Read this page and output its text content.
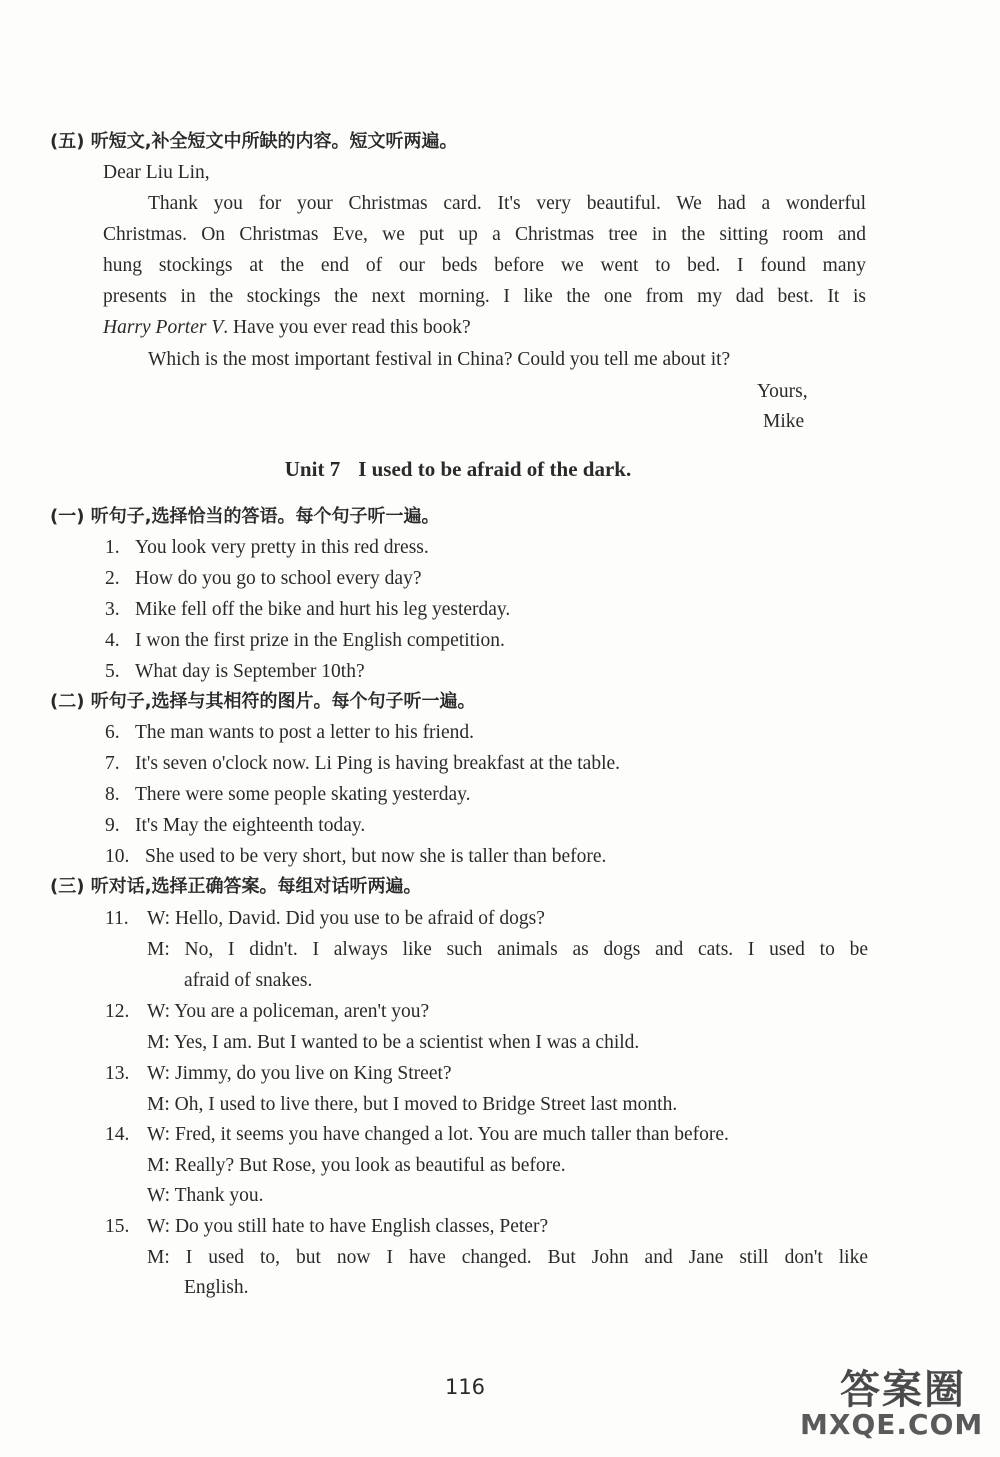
(五) 听短文,补全短文中所缺的内容。短文听两遍。
Dear Liu Lin,
Thank you for your Christmas card. It's very beautiful. We had a wonderful
Christmas. On Christmas Eve, we put up a Christmas tree in the sitting room and
hung stockings at the end of our beds before we went to bed. I found many
presents in the stockings the next morning. I like the one from my dad best. It is
Harry Porter V. Have you ever read this book?
Which is the most important festival in China? Could you tell me about it?
Yours,
Mike
Unit 7 I used to be afraid of the dark.
(一) 听句子,选择恰当的答语。每个句子听一遍。
1. You look very pretty in this red dress.
2. How do you go to school every day?
3. Mike fell off the bike and hurt his leg yesterday.
4. I won the first prize in the English competition.
5. What day is September 10th?
(二) 听句子,选择与其相符的图片。每个句子听一遍。
6. The man wants to post a letter to his friend.
7. It's seven o'clock now. Li Ping is having breakfast at the table.
8. There were some people skating yesterday.
9. It's May the eighteenth today.
10. She used to be very short, but now she is taller than before.
(三) 听对话,选择正确答案。每组对话听两遍。
11. W: Hello, David. Did you use to be afraid of dogs?
M: No, I didn't. I always like such animals as dogs and cats. I used to be
afraid of snakes.
12. W: You are a policeman, aren't you?
M: Yes, I am. But I wanted to be a scientist when I was a child.
13. W: Jimmy, do you live on King Street?
M: Oh, I used to live there, but I moved to Bridge Street last month.
14. W: Fred, it seems you have changed a lot. You are much taller than before.
M: Really? But Rose, you look as beautiful as before.
W: Thank you.
15. W: Do you still hate to have English classes, Peter?
M: I used to, but now I have changed. But John and Jane still don't like
English.
116	答案圈
MXQE.COM
